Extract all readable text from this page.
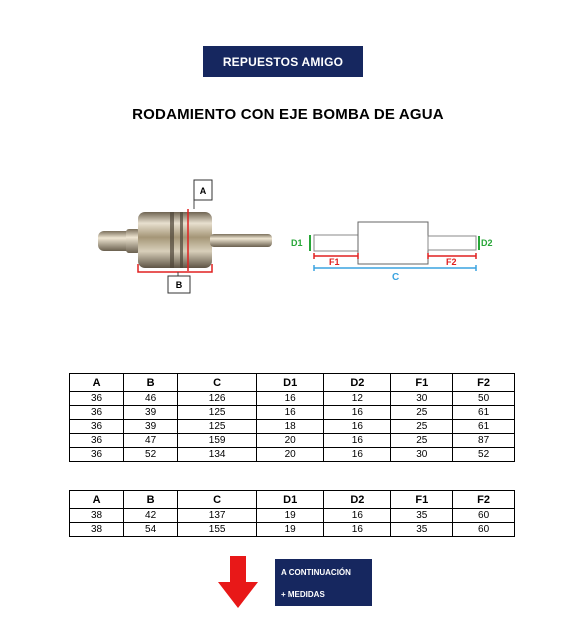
REPUESTOS AMIGO
RODAMIENTO CON EJE BOMBA DE AGUA
A
B
D1	D2
F1	F2
C
A	B	C	D1	D2	F1	F2
36	46	126	16	12	30	50
36	39	125	16	16	25	61
36	39	125	18	16	25	61
36	47	159	20	16	25	87
36	52	134	20	16	30	52
A	B	C	D1	D2	F1	F2
38	42	137	19	16	35	60
38	54	155	19	16	35	60
A CONTINUACIÓN
+ MEDIDAS
